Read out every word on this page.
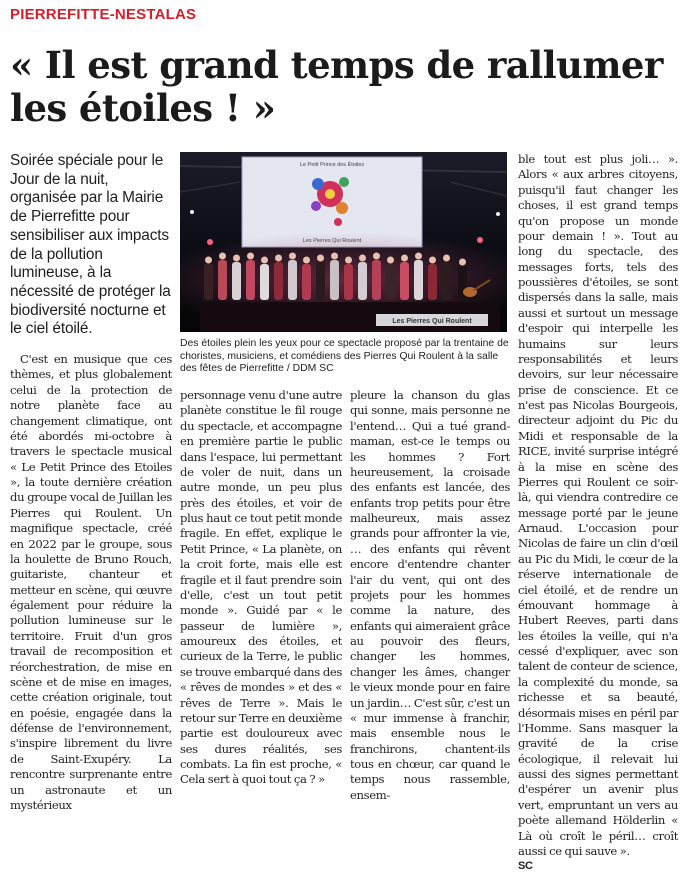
PIERREFITTE-NESTALAS
« Il est grand temps de rallumer les étoiles ! »
Soirée spéciale pour le Jour de la nuit, organisée par la Mairie de Pierrefitte pour sensibiliser aux impacts de la pollution lumineuse, à la nécessité de protéger la biodiversité nocturne et le ciel étoilé.
Le Petit Prince des Étoiles
Les Pierres Qui Roulent
Des étoiles plein les yeux pour ce spectacle proposé par la trentaine de choristes, musiciens, et comédiens des Pierres Qui Roulent à la salle des fêtes de Pierrefitte / DDM SC

C'est en musique que ces thèmes, et plus globalement celui de la protection de notre planète face au changement climatique, ont été abordés mi-octobre à travers le spectacle musical « Le Petit Prince des Etoiles », la toute dernière création du groupe vocal de Juillan les Pierres qui Roulent. Un magnifique spectacle, créé en 2022 par le groupe, sous la houlette de Bruno Rouch, guitariste, chanteur et metteur en scène, qui œuvre également pour réduire la pollution lumineuse sur le territoire. Fruit d'un gros travail de recomposition et réorchestration, de mise en scène et de mise en images, cette création originale, tout en poésie, engagée dans la défense de l'environnement, s'inspire librement du livre de Saint-Exupéry. La rencontre surprenante entre un astronaute et un mystérieux

personnage venu d'une autre planète constitue le fil rouge du spectacle, et accompagne en première partie le public dans l'espace, lui permettant de voler de nuit, dans un autre monde, un peu plus près des étoiles, et voir de plus haut ce tout petit monde fragile. En effet, explique le Petit Prince, « La planète, on la croit forte, mais elle est fragile et il faut prendre soin d'elle, c'est un tout petit monde ». Guidé par « le passeur de lumière », amoureux des étoiles, et curieux de la Terre, le public se trouve embarqué dans des « rêves de mondes » et des « rêves de Terre ». Mais le retour sur Terre en deuxième partie est douloureux avec ses dures réalités, ses combats. La fin est proche, « Cela sert à quoi tout ça ? »
pleure la chanson du glas qui sonne, mais personne ne l'entend… Qui a tué grand-maman, est-ce le temps ou les hommes ? Fort heureusement, la croisade des enfants est lancée, des enfants trop petits pour être malheureux, mais assez grands pour affronter la vie, … des enfants qui rêvent encore d'entendre chanter l'air du vent, qui ont des projets pour les hommes comme la nature, des enfants qui aimeraient grâce au pouvoir des fleurs, changer les hommes, changer les âmes, changer le vieux monde pour en faire un jardin… C'est sûr, c'est un « mur immense à franchir, mais ensemble nous le franchirons, chantent-ils tous en chœur, car quand le temps nous rassemble, ensem-
ble tout est plus joli… ». Alors « aux arbres citoyens, puisqu'il faut changer les choses, il est grand temps qu'on propose un monde pour demain ! ». Tout au long du spectacle, des messages forts, tels des poussières d'étoiles, se sont dispersés dans la salle, mais aussi et surtout un message d'espoir qui interpelle les humains sur leurs responsabilités et leurs devoirs, sur leur nécessaire prise de conscience. Et ce n'est pas Nicolas Bourgeois, directeur adjoint du Pic du Midi et responsable de la RICE, invité surprise intégré à la mise en scène des Pierres qui Roulent ce soir-là, qui viendra contredire ce message porté par le jeune Arnaud. L'occasion pour Nicolas de faire un clin d'œil au Pic du Midi, le cœur de la réserve internationale de ciel étoilé, et de rendre un émouvant hommage à Hubert Reeves, parti dans les étoiles la veille, qui n'a cessé d'expliquer, avec son talent de conteur de science, la complexité du monde, sa richesse et sa beauté, désormais mises en péril par l'Homme. Sans masquer la gravité de la crise écologique, il relevait lui aussi des signes permettant d'espérer un avenir plus vert, empruntant un vers au poète allemand Hölderlin « Là où croît le péril… croît aussi ce qui sauve ».
SC
